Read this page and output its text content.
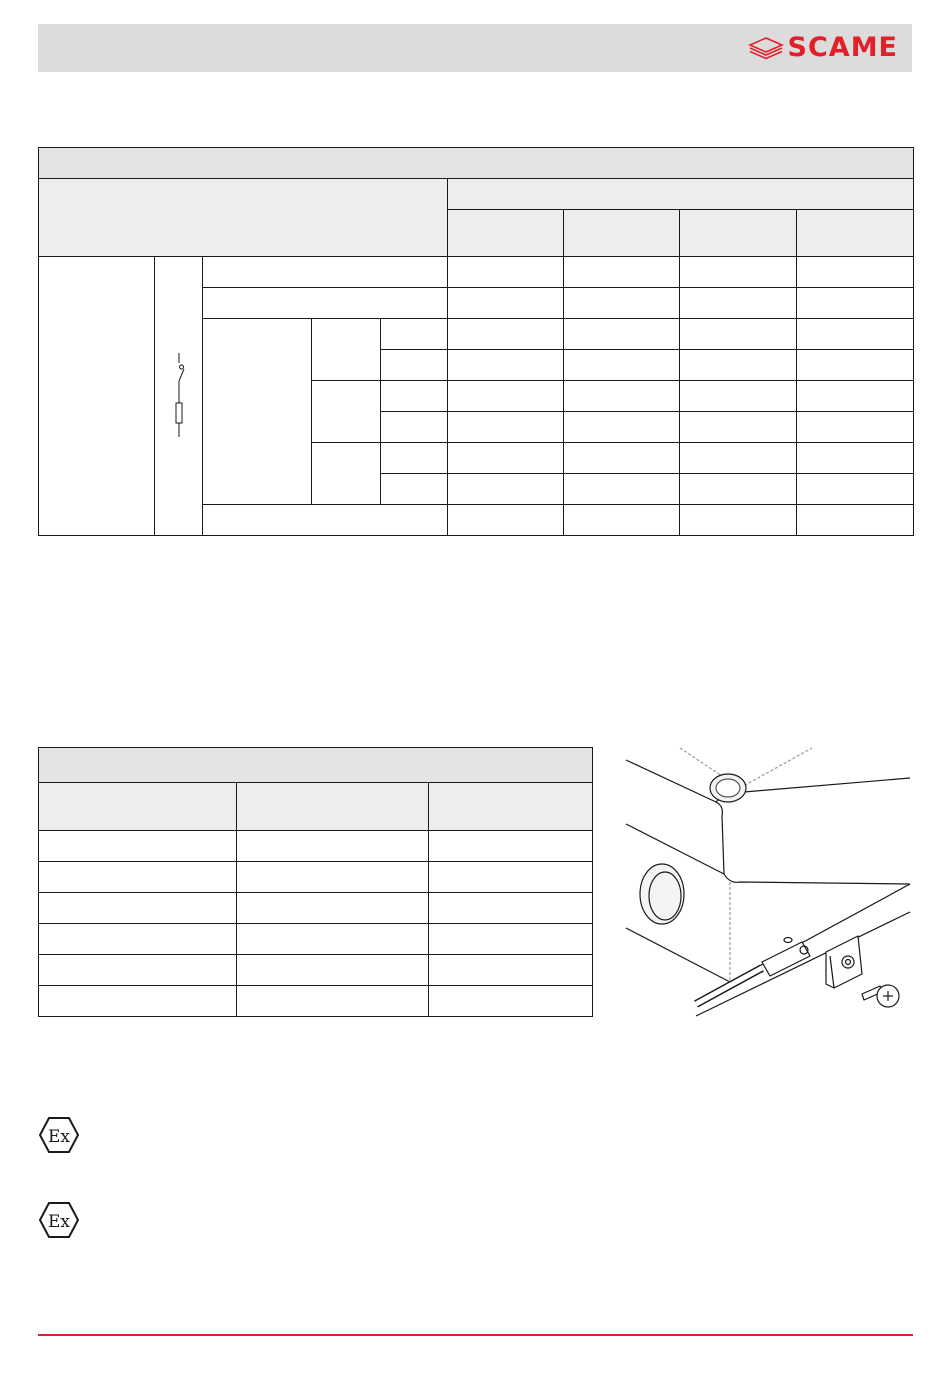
SCAME

Ex
Ex
